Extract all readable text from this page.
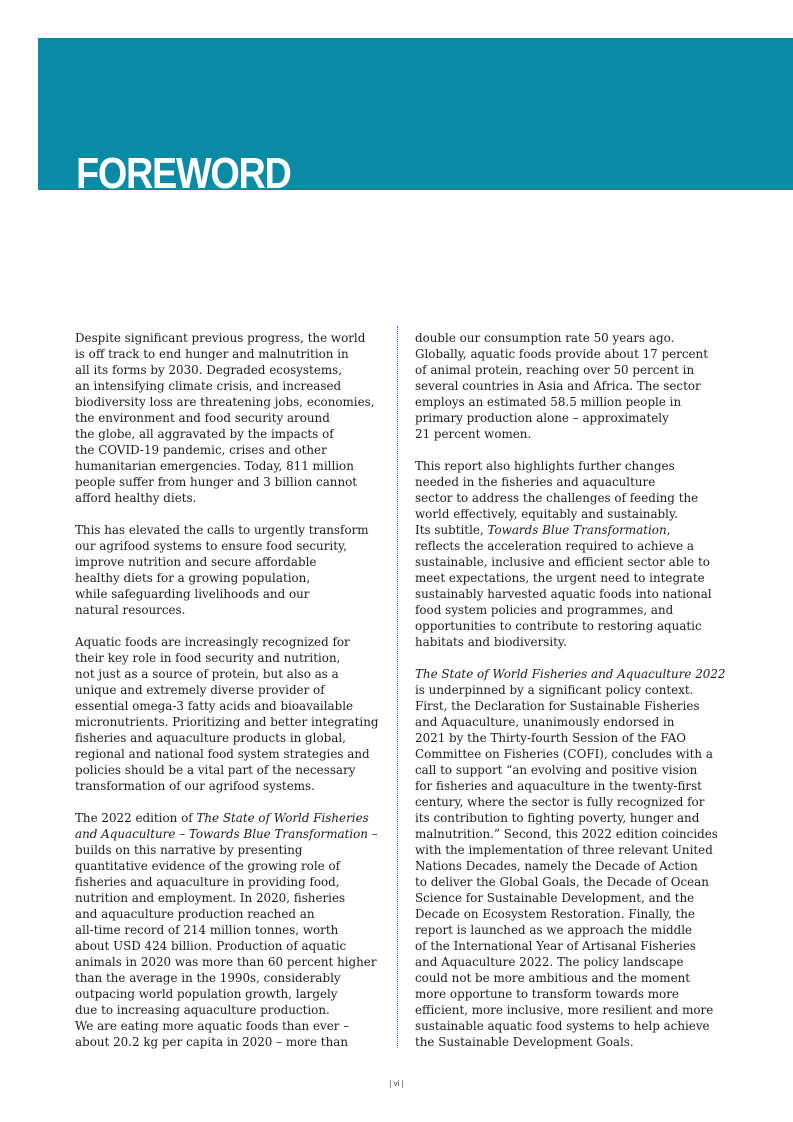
FOREWORD

Despite significant previous progress, the world
is off track to end hunger and malnutrition in
all its forms by 2030. Degraded ecosystems,
an intensifying climate crisis, and increased
biodiversity loss are threatening jobs, economies,
the environment and food security around
the globe, all aggravated by the impacts of
the COVID-19 pandemic, crises and other
humanitarian emergencies. Today, 811 million
people suffer from hunger and 3 billion cannot
afford healthy diets.

This has elevated the calls to urgently transform
our agrifood systems to ensure food security,
improve nutrition and secure affordable
healthy diets for a growing population,
while safeguarding livelihoods and our
natural resources.

Aquatic foods are increasingly recognized for
their key role in food security and nutrition,
not just as a source of protein, but also as a
unique and extremely diverse provider of
essential omega-3 fatty acids and bioavailable
micronutrients. Prioritizing and better integrating
fisheries and aquaculture products in global,
regional and national food system strategies and
policies should be a vital part of the necessary
transformation of our agrifood systems.

The 2022 edition of The State of World Fisheries
and Aquaculture – Towards Blue Transformation –
builds on this narrative by presenting
quantitative evidence of the growing role of
fisheries and aquaculture in providing food,
nutrition and employment. In 2020, fisheries
and aquaculture production reached an
all-time record of 214 million tonnes, worth
about USD 424 billion. Production of aquatic
animals in 2020 was more than 60 percent higher
than the average in the 1990s, considerably
outpacing world population growth, largely
due to increasing aquaculture production.
We are eating more aquatic foods than ever –
about 20.2 kg per capita in 2020 – more than

double our consumption rate 50 years ago.
Globally, aquatic foods provide about 17 percent
of animal protein, reaching over 50 percent in
several countries in Asia and Africa. The sector
employs an estimated 58.5 million people in
primary production alone – approximately
21 percent women.

This report also highlights further changes
needed in the fisheries and aquaculture
sector to address the challenges of feeding the
world effectively, equitably and sustainably.
Its subtitle, Towards Blue Transformation,
reflects the acceleration required to achieve a
sustainable, inclusive and efficient sector able to
meet expectations, the urgent need to integrate
sustainably harvested aquatic foods into national
food system policies and programmes, and
opportunities to contribute to restoring aquatic
habitats and biodiversity.

The State of World Fisheries and Aquaculture 2022
is underpinned by a significant policy context.
First, the Declaration for Sustainable Fisheries
and Aquaculture, unanimously endorsed in
2021 by the Thirty-fourth Session of the FAO
Committee on Fisheries (COFI), concludes with a
call to support “an evolving and positive vision
for fisheries and aquaculture in the twenty-first
century, where the sector is fully recognized for
its contribution to fighting poverty, hunger and
malnutrition.” Second, this 2022 edition coincides
with the implementation of three relevant United
Nations Decades, namely the Decade of Action
to deliver the Global Goals, the Decade of Ocean
Science for Sustainable Development, and the
Decade on Ecosystem Restoration. Finally, the
report is launched as we approach the middle
of the International Year of Artisanal Fisheries
and Aquaculture 2022. The policy landscape
could not be more ambitious and the moment
more opportune to transform towards more
efficient, more inclusive, more resilient and more
sustainable aquatic food systems to help achieve
the Sustainable Development Goals.

| vi |
